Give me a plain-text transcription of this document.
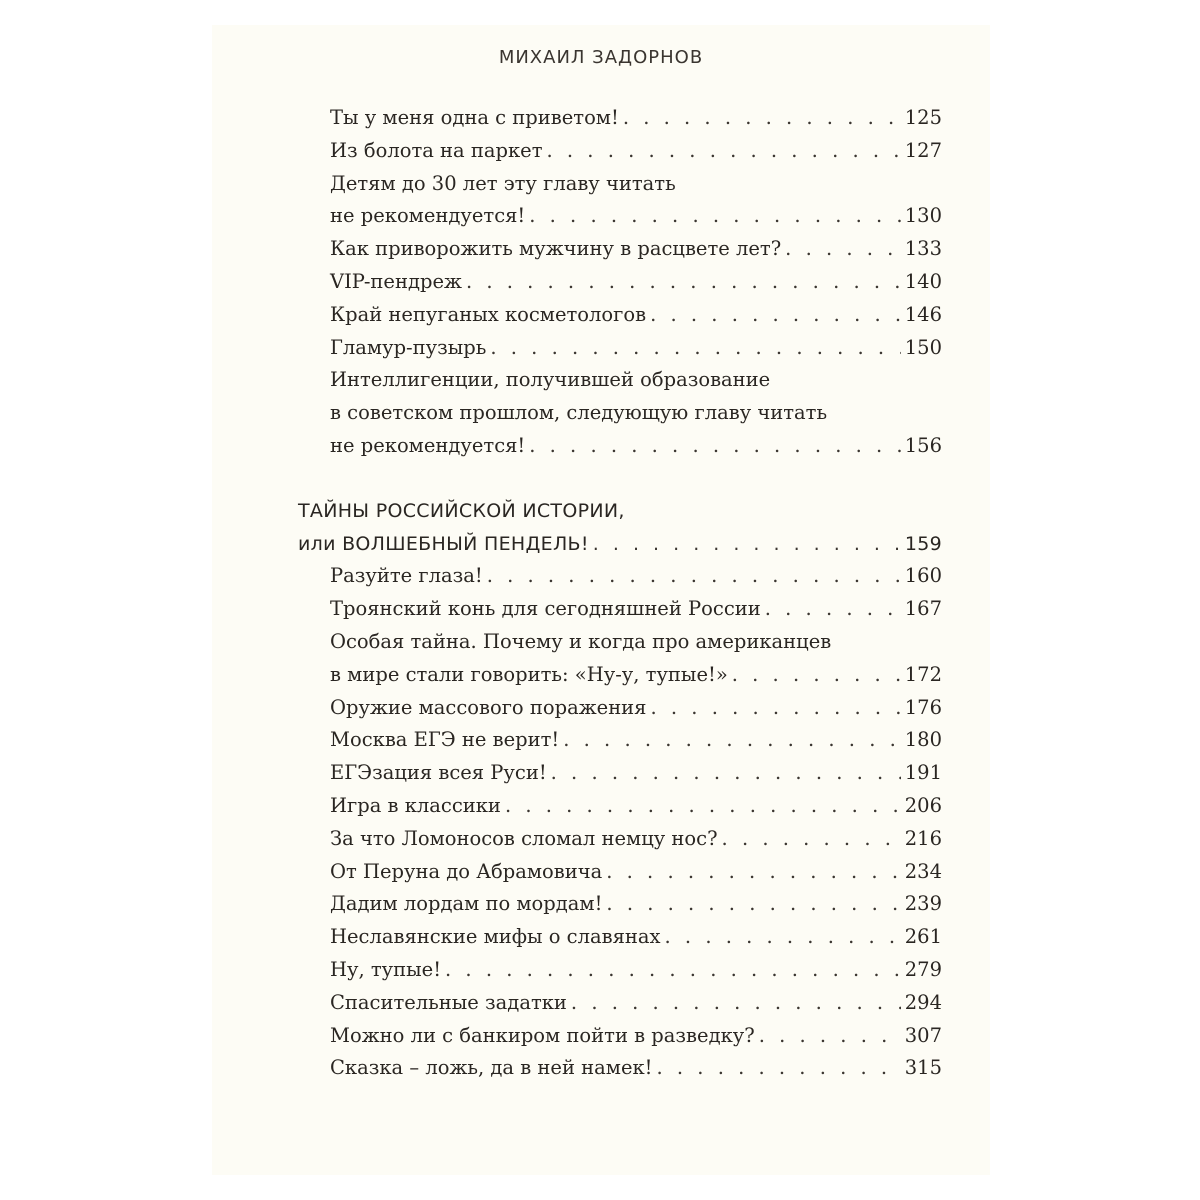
МИХАИЛ ЗАДОРНОВ
Ты у меня одна с приветом! . . .	125
Из болота на паркет . . .	127
Детям до 30 лет эту главу читать
не рекомендуется! . . .	130
Как приворожить мужчину в расцвете лет? . . .	133
VIP-пендреж . . .	140
Край непуганых косметологов . . .	146
Гламур-пузырь . . .	150
Интеллигенции, получившей образование
в советском прошлом, следующую главу читать
не рекомендуется! . . .	156
ТАЙНЫ РОССИЙСКОЙ ИСТОРИИ,
или ВОЛШЕБНЫЙ ПЕНДЕЛЬ! . . .	159
Разуйте глаза! . . .	160
Троянский конь для сегодняшней России . . .	167
Особая тайна. Почему и когда про американцев
в мире стали говорить: «Ну-у, тупые!» . . .	172
Оружие массового поражения . . .	176
Москва ЕГЭ не верит! . . .	180
ЕГЭзация всея Руси! . . .	191
Игра в классики . . .	206
За что Ломоносов сломал немцу нос? . . .	216
От Перуна до Абрамовича . . .	234
Дадим лордам по мордам! . . .	239
Неславянские мифы о славянах . . .	261
Ну, тупые! . . .	279
Спасительные задатки . . .	294
Можно ли с банкиром пойти в разведку? . . .	307
Сказка – ложь, да в ней намек! . . .	315
